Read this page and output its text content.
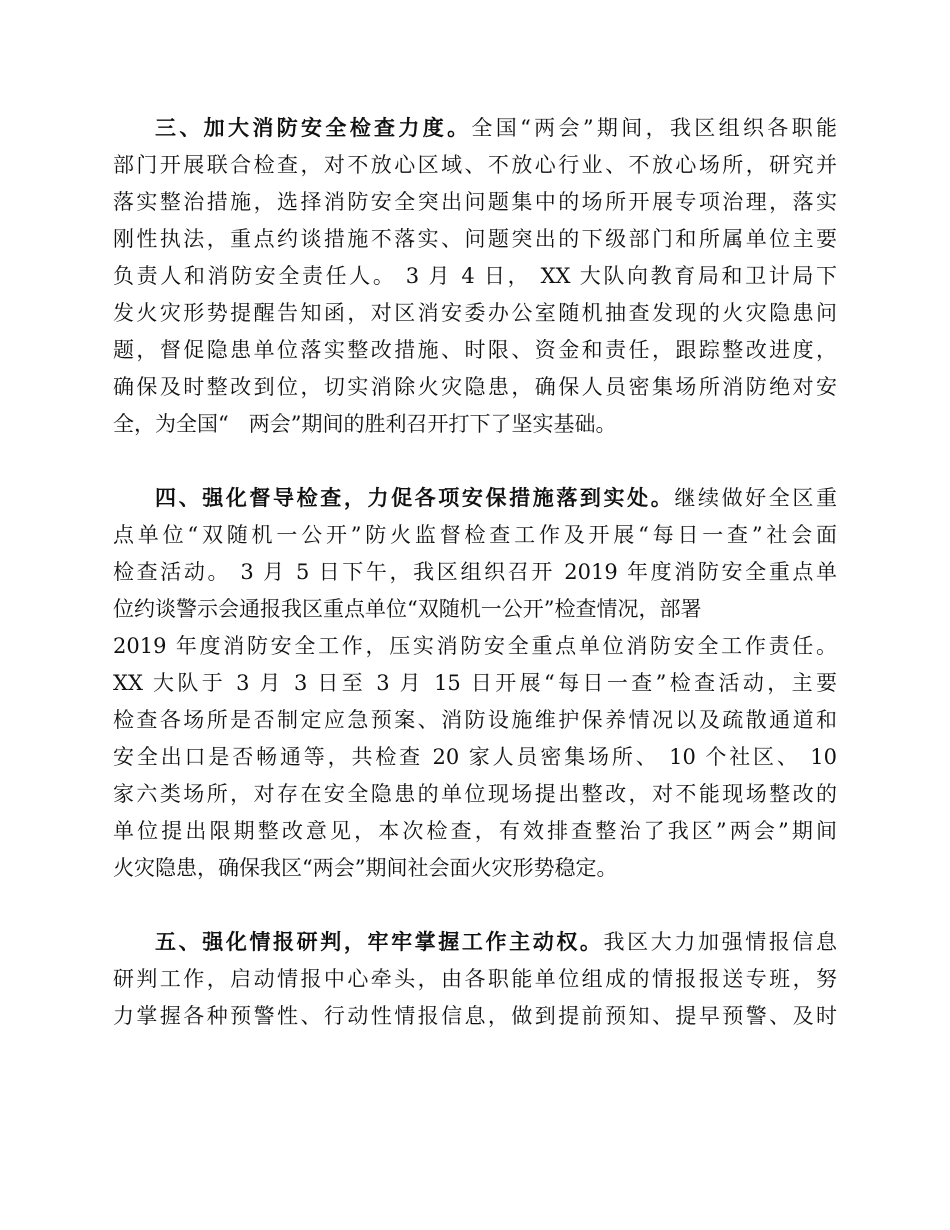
三、加大消防安全检查力度。全国“两会”期间，我区组织各职能
部门开展联合检查，对不放心区域、不放心行业、不放心场所，研究并
落实整治措施，选择消防安全突出问题集中的场所开展专项治理，落实
刚性执法，重点约谈措施不落实、问题突出的下级部门和所属单位主要
负责人和消防安全责任人。 3 月 4 日， XX 大队向教育局和卫计局下
发火灾形势提醒告知函，对区消安委办公室随机抽查发现的火灾隐患问
题，督促隐患单位落实整改措施、时限、资金和责任，跟踪整改进度，
确保及时整改到位，切实消除火灾隐患，确保人员密集场所消防绝对安
全，为全国“   两会”期间的胜利召开打下了坚实基础。
四、强化督导检查，力促各项安保措施落到实处。继续做好全区重
点单位“双随机一公开”防火监督检查工作及开展“每日一查”社会面
检查活动。 3 月 5 日下午，我区组织召开 2019 年度消防安全重点单
位约谈警示会通报我区重点单位“双随机一公开”检查情况，部署
2019 年度消防安全工作，压实消防安全重点单位消防安全工作责任。
XX 大队于 3 月 3 日至 3 月 15 日开展“每日一查”检查活动，主要
检查各场所是否制定应急预案、消防设施维护保养情况以及疏散通道和
安全出口是否畅通等，共检查 20 家人员密集场所、 10 个社区、 10
家六类场所，对存在安全隐患的单位现场提出整改，对不能现场整改的
单位提出限期整改意见，本次检查，有效排查整治了我区”两会”期间
火灾隐患，确保我区“两会”期间社会面火灾形势稳定。
五、强化情报研判，牢牢掌握工作主动权。我区大力加强情报信息
研判工作，启动情报中心牵头，由各职能单位组成的情报报送专班，努
力掌握各种预警性、行动性情报信息，做到提前预知、提早预警、及时
